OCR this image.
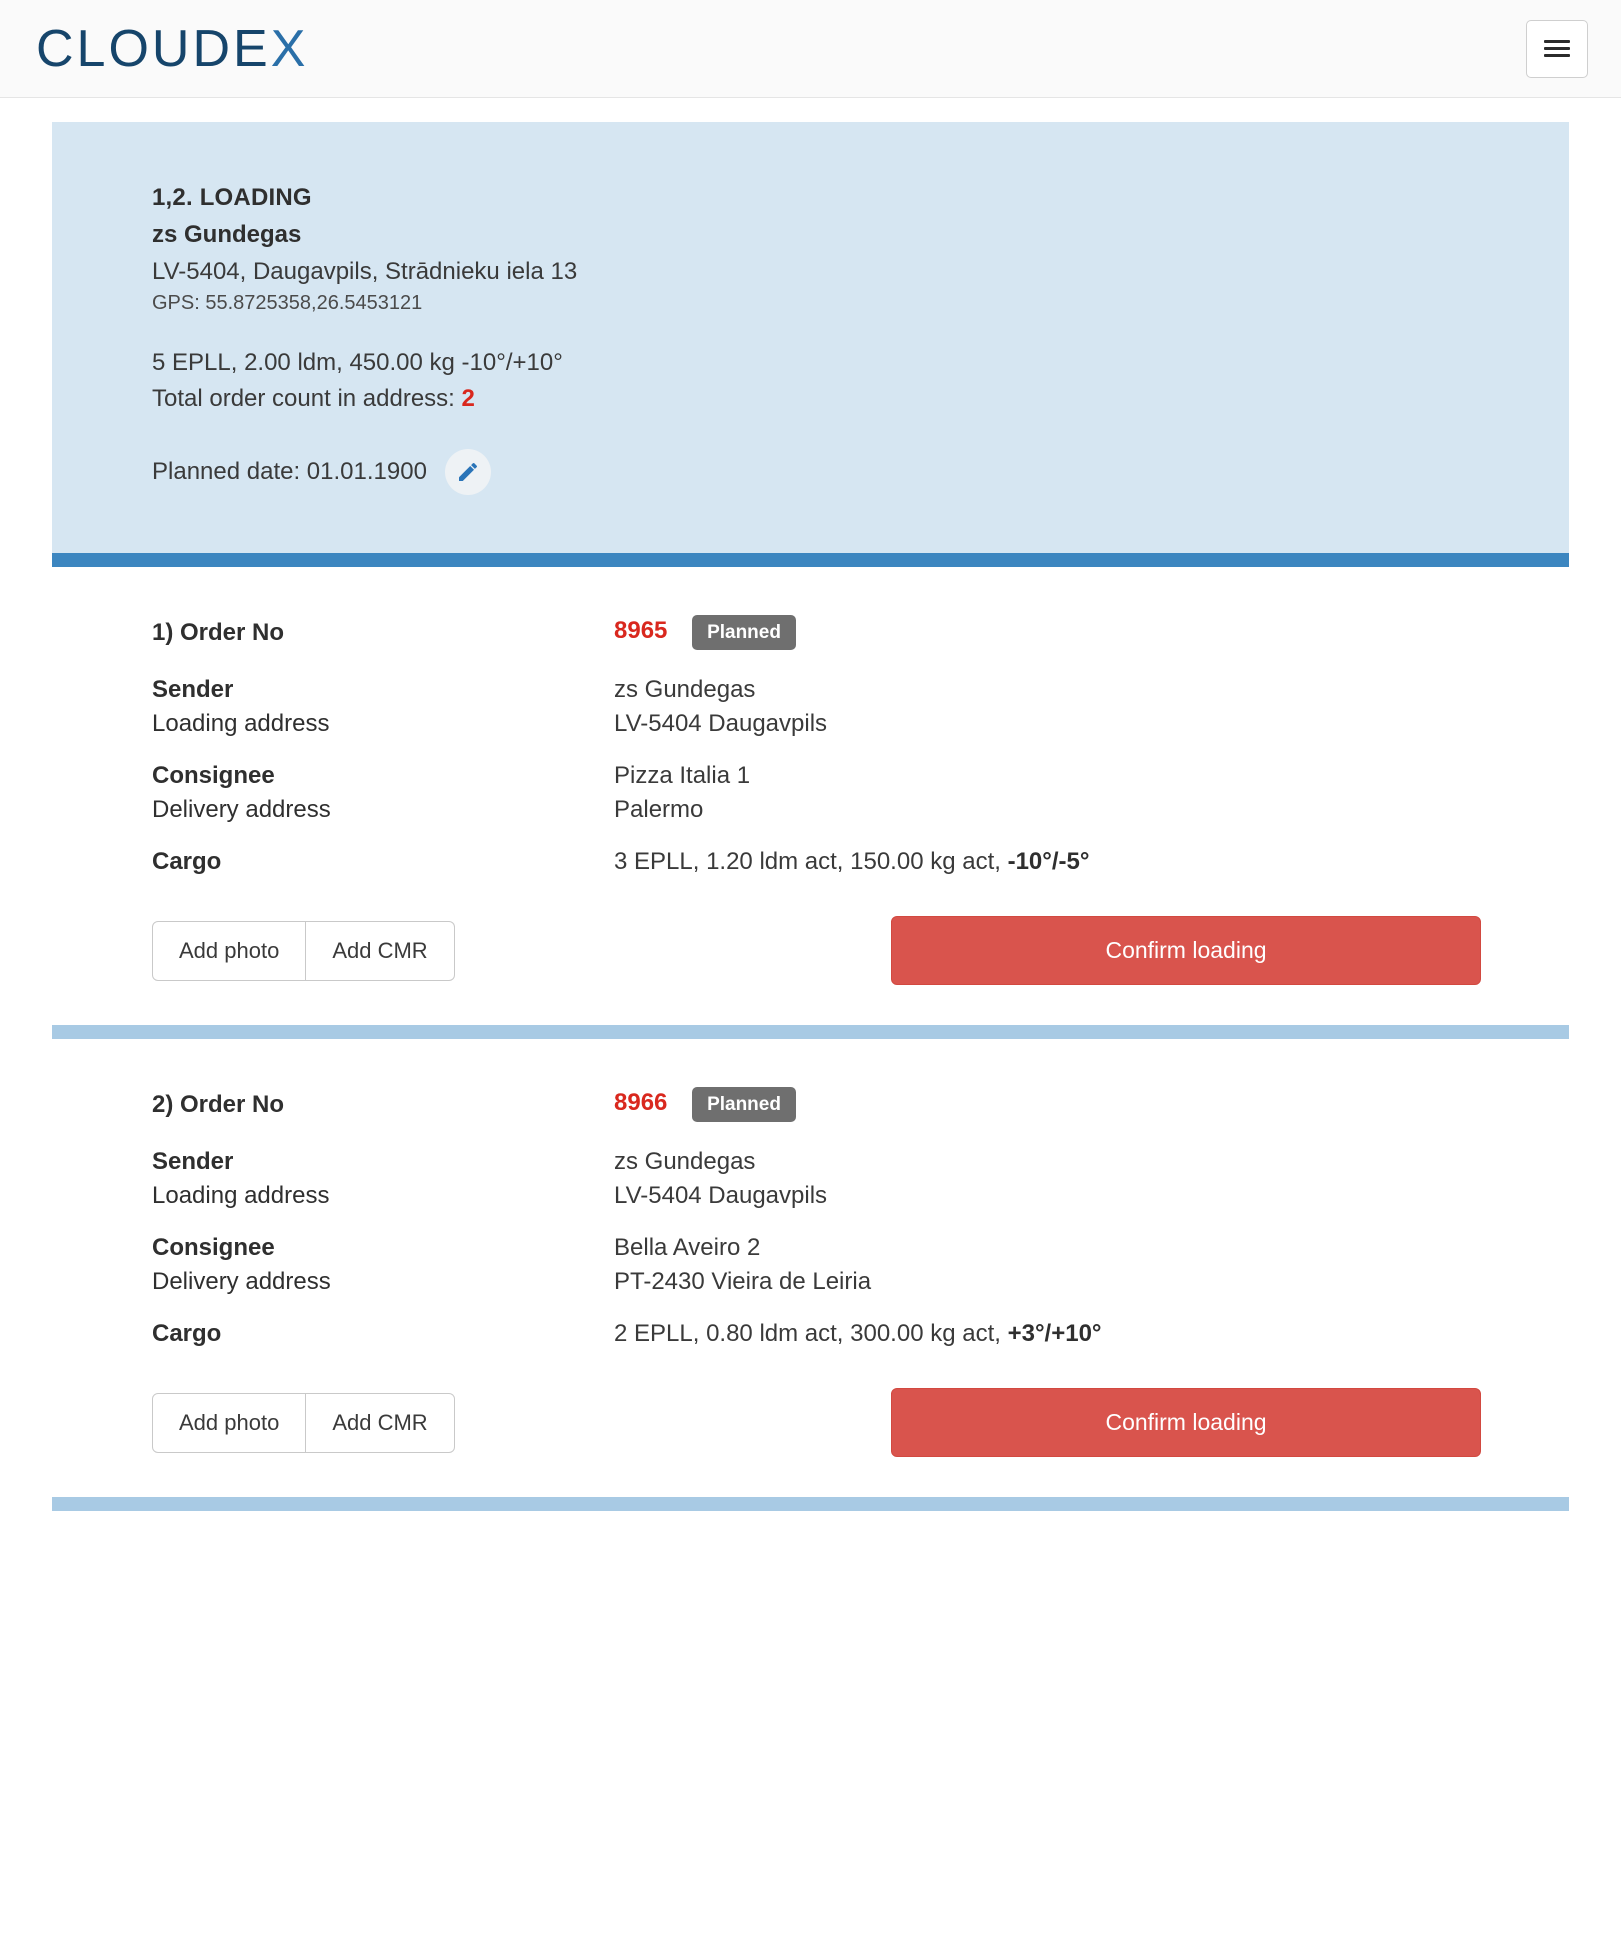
CLOUDEX
1,2. LOADING
zs Gundegas
LV-5404, Daugavpils, Strādnieku iela 13
GPS: 55.8725358,26.5453121
5 EPLL, 2.00 ldm, 450.00 kg -10°/+10°
Total order count in address: 2
Planned date: 01.01.1900
1) Order No	8965 Planned
Sender	zs Gundegas
Loading address	LV-5404 Daugavpils
Consignee	Pizza Italia 1
Delivery address	Palermo
Cargo	3 EPLL, 1.20 ldm act, 150.00 kg act, -10°/-5°
Add photo	Add CMR	Confirm loading
2) Order No	8966 Planned
Sender	zs Gundegas
Loading address	LV-5404 Daugavpils
Consignee	Bella Aveiro 2
Delivery address	PT-2430 Vieira de Leiria
Cargo	2 EPLL, 0.80 ldm act, 300.00 kg act, +3°/+10°
Add photo	Add CMR	Confirm loading
